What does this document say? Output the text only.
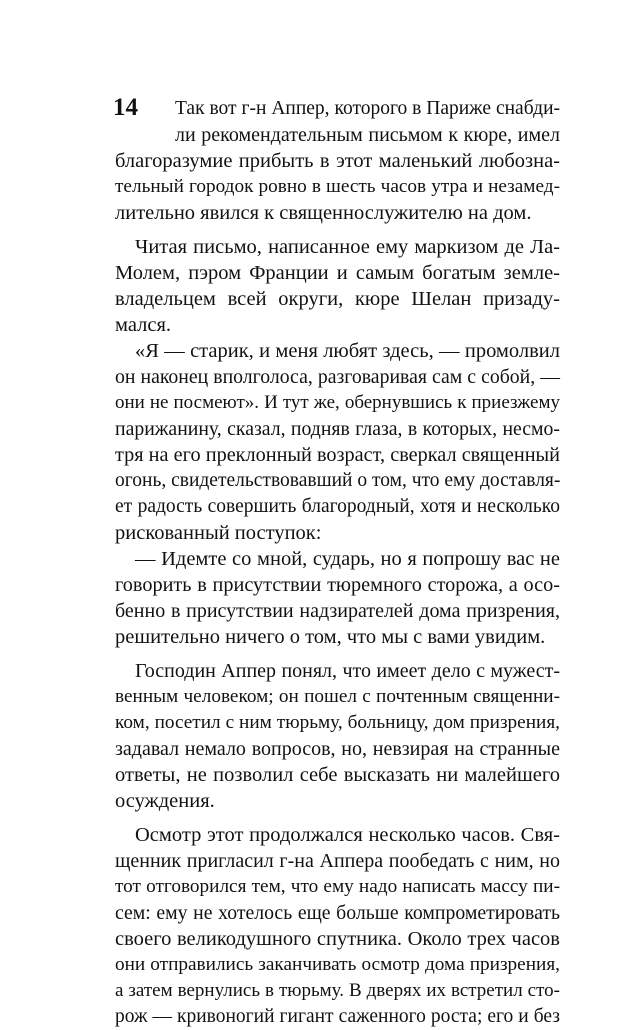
14 Так вот г-н Аппер, которого в Париже снабди-
ли рекомендательным письмом к кюре, имел
благоразумие прибыть в этот маленький любознa-
тельный городок ровно в шесть часов утра и незамед-
лительно явился к священнослужителю на дом.
Читая письмо, написанное ему маркизом де Ла-
Молем, пэром Франции и самым богатым земле-
владельцем всей округи, кюре Шелан призадy-
мался.
«Я — старик, и меня любят здесь, — промолвил
он наконец вполголоса, разговаривая сам с собой, —
они не посмеют». И тут же, обернувшись к приезжему
парижанину, сказал, подняв глаза, в которых, несмо-
тря на его преклонный возраст, сверкал священный
огонь, свидетельствовавший о том, что ему доставля-
ет радость совершить благородный, хотя и несколько
рискованный поступок:
— Идемте со мной, сударь, но я попрошу вас не
говорить в присутствии тюремного сторожа, а осо-
бенно в присутствии надзирателей дома призрения,
решительно ничего о том, что мы с вами увидим.
Господин Аппер понял, что имеет дело с мужест-
венным человеком; он пошел с почтенным священни-
ком, посетил с ним тюрьму, больницу, дом призрения,
задавал немало вопросов, но, невзирая на странные
ответы, не позволил себе высказать ни малейшего
осуждения.
Осмотр этот продолжался несколько часов. Свя-
щенник пригласил г-на Аппера пообедать с ним, но
тот отговорился тем, что ему надо написать массу пи-
сем: ему не хотелось еще больше компрометировать
своего великодушного спутника. Около трех часов
они отправились заканчивать осмотр дома призрения,
а затем вернулись в тюрьму. В дверях их встретил сто-
рож — кривоногий гигант саженного роста; его и без
